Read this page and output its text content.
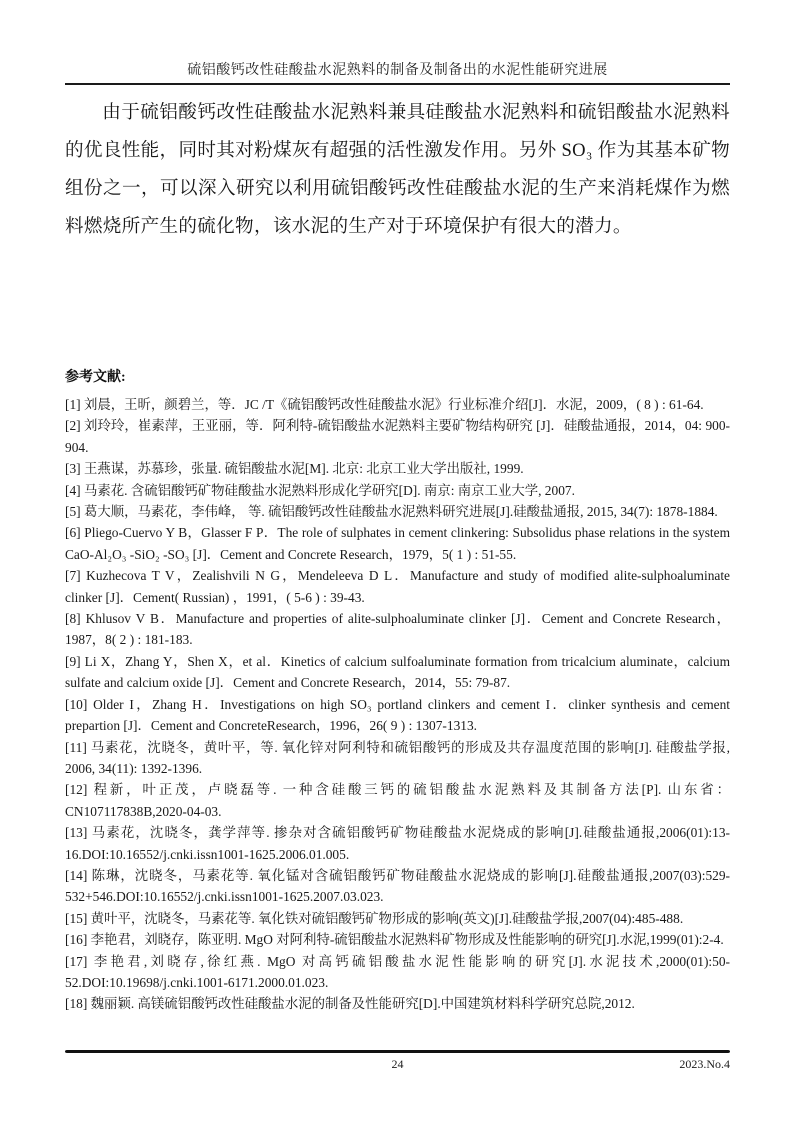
硫铝酸钙改性硅酸盐水泥熟料的制备及制备出的水泥性能研究进展

由于硫铝酸钙改性硅酸盐水泥熟料兼具硅酸盐水泥熟料和硫铝酸盐水泥熟料的优良性能，同时其对粉煤灰有超强的活性激发作用。另外 SO₃ 作为其基本矿物组份之一，可以深入研究以利用硫铝酸钙改性硅酸盐水泥的生产来消耗煤作为燃料燃烧所产生的硫化物，该水泥的生产对于环境保护有很大的潜力。

参考文献:
[1] 刘晨，王昕，颜碧兰，等．JC /T《硫铝酸钙改性硅酸盐水泥》行业标准介绍[J]．水泥，2009，( 8 ) : 61-64.
[2] 刘玲玲，崔素萍，王亚丽，等．阿利特-硫铝酸盐水泥熟料主要矿物结构研究 [J]．硅酸盐通报，2014，04: 900-904.
[3] 王燕谋，苏慕珍，张量. 硫铝酸盐水泥[M]. 北京: 北京工业大学出版社, 1999.
[4] 马素花. 含硫铝酸钙矿物硅酸盐水泥熟料形成化学研究[D]. 南京: 南京工业大学, 2007.
[5] 葛大顺，马素花，李伟峰， 等. 硫铝酸钙改性硅酸盐水泥熟料研究进展[J].硅酸盐通报, 2015, 34(7): 1878-1884.
[6] Pliego-Cuervo Y B，Glasser F P．The role of sulphates in cement clinkering: Subsolidus phase relations in the system CaO-Al₂O₃ -SiO₂ -SO₃ [J]．Cement and Concrete Research，1979，5( 1 ) : 51-55.
[7] Kuzhecova T V，Zealishvili N G，Mendeleeva D L．Manufacture and study of modified alite-sulphoaluminate clinker [J]．Cement( Russian) ，1991，( 5-6 ) : 39-43.
[8] Khlusov V B．Manufacture and properties of alite-sulphoaluminate clinker [J]．Cement and Concrete Research，1987，8( 2 ) : 181-183.
[9] Li X，Zhang Y，Shen X，et al．Kinetics of calcium sulfoaluminate formation from tricalcium aluminate，calcium sulfate and calcium oxide [J]．Cement and Concrete Research，2014，55: 79-87.
[10] Older I，Zhang H．Investigations on high SO₃ portland clinkers and cement I．clinker synthesis and cement prepartion [J]．Cement and ConcreteResearch，1996，26( 9 ) : 1307-1313.
[11] 马素花，沈晓冬，黄叶平，等. 氧化锌对阿利特和硫铝酸钙的形成及共存温度范围的影响[J]. 硅酸盐学报, 2006, 34(11): 1392-1396.
[12] 程新，叶正茂，卢晓磊等. 一种含硅酸三钙的硫铝酸盐水泥熟料及其制备方法[P]. 山东省：CN107117838B,2020-04-03.
[13] 马素花，沈晓冬，龚学萍等. 掺杂对含硫铝酸钙矿物硅酸盐水泥烧成的影响[J].硅酸盐通报,2006(01):13-16.DOI:10.16552/j.cnki.issn1001-1625.2006.01.005.
[14] 陈琳，沈晓冬，马素花等. 氧化锰对含硫铝酸钙矿物硅酸盐水泥烧成的影响[J].硅酸盐通报,2007(03):529-532+546.DOI:10.16552/j.cnki.issn1001-1625.2007.03.023.
[15] 黄叶平，沈晓冬，马素花等. 氧化铁对硫铝酸钙矿物形成的影响(英文)[J].硅酸盐学报,2007(04):485-488.
[16] 李艳君，刘晓存，陈亚明. MgO 对阿利特-硫铝酸盐水泥熟料矿物形成及性能影响的研究[J].水泥,1999(01):2-4.
[17] 李艳君,刘晓存,徐红燕. MgO 对高钙硫铝酸盐水泥性能影响的研究[J].水泥技术,2000(01):50-52.DOI:10.19698/j.cnki.1001-6171.2000.01.023.
[18] 魏丽颖. 高镁硫铝酸钙改性硅酸盐水泥的制备及性能研究[D].中国建筑材料科学研究总院,2012.
24	2023.No.4
